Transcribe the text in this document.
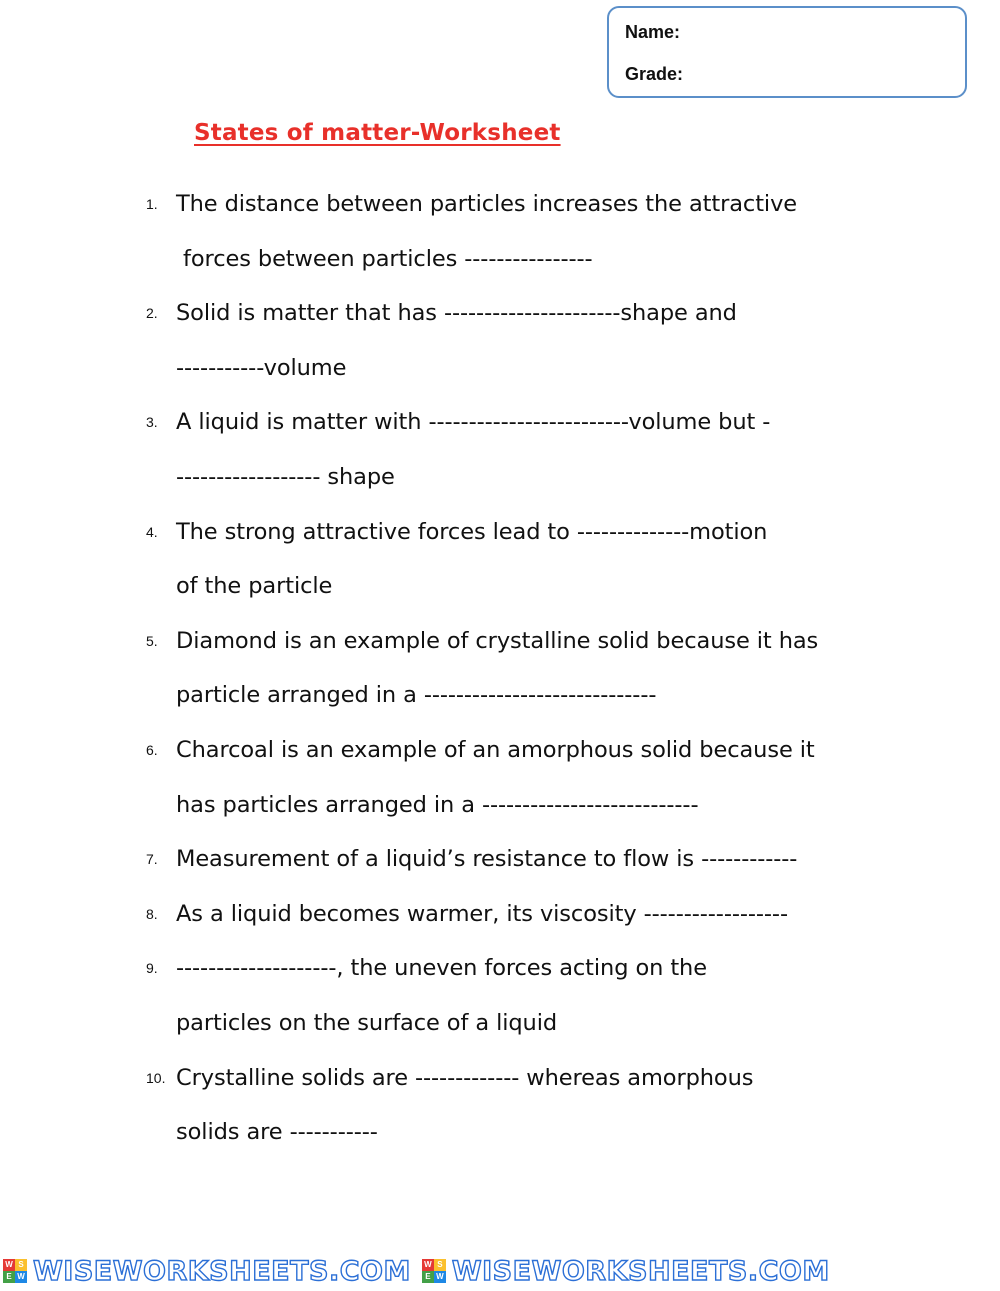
Name:
Grade:
States of matter-Worksheet
1. The distance between particles increases the attractive
forces between particles ----------------
2. Solid is matter that has ----------------------shape and
-----------volume
3. A liquid is matter with -------------------------volume but -
------------------ shape
4. The strong attractive forces lead to --------------motion
of the particle
5. Diamond is an example of crystalline solid because it has
particle arranged in a -----------------------------
6. Charcoal is an example of an amorphous solid because it
has particles arranged in a ---------------------------
7. Measurement of a liquid’s resistance to flow is ------------
8. As a liquid becomes warmer, its viscosity ------------------
9. --------------------, the uneven forces acting on the
particles on the surface of a liquid
10. Crystalline solids are ------------- whereas amorphous
solids are -----------
W S
E W WISEWORKSHEETS.COM W S
E W WISEWORKSHEETS.COM
